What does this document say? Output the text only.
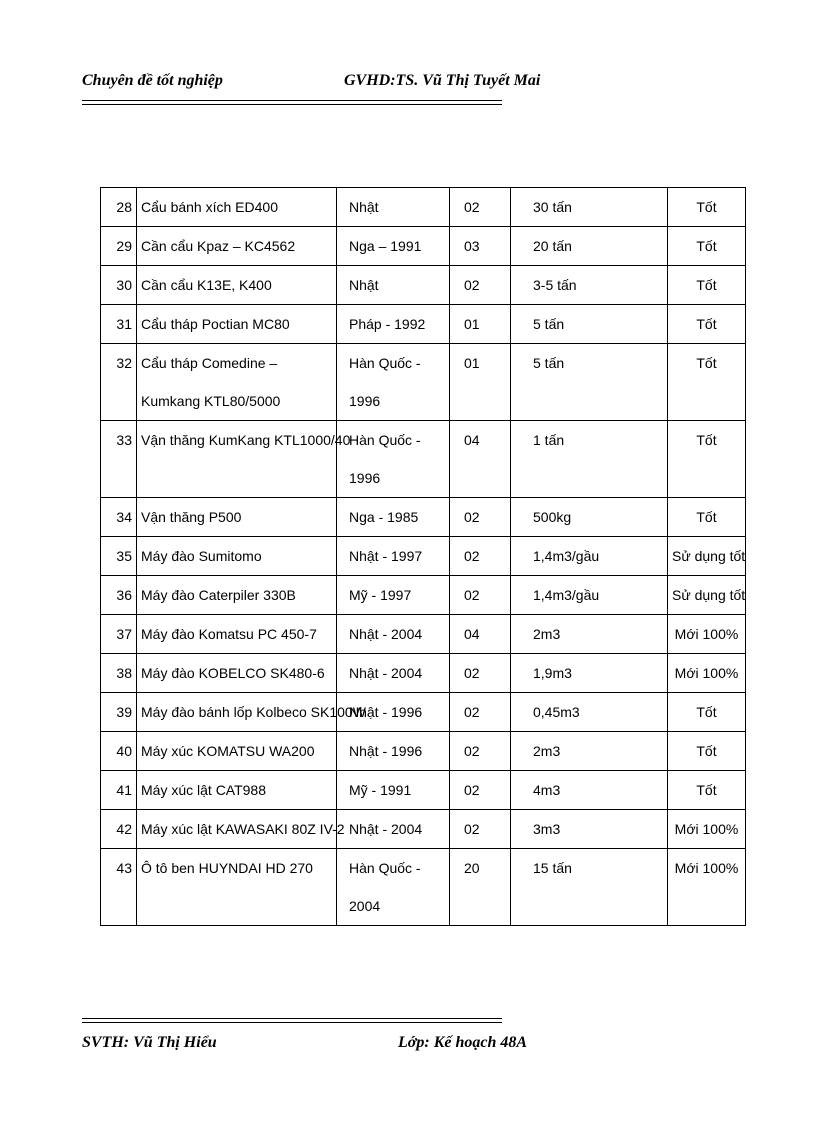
Chuyên đề tốt nghiệp	GVHD:TS. Vũ Thị Tuyết Mai
28	Cẩu bánh xích ED400	Nhật	02	30 tấn	Tốt
29	Cần cẩu Kpaz – KC4562	Nga – 1991	03	20 tấn	Tốt
30	Cần cẩu K13E, K400	Nhật	02	3-5 tấn	Tốt
31	Cẩu tháp Poctian MC80	Pháp - 1992	01	5 tấn	Tốt
32	Cẩu tháp Comedine – Kumkang KTL80/5000	Hàn Quốc - 1996	01	5 tấn	Tốt
33	Vận thăng KumKang KTL1000/40	Hàn Quốc - 1996	04	1 tấn	Tốt
34	Vận thăng P500	Nga - 1985	02	500kg	Tốt
35	Máy đào Sumitomo	Nhật - 1997	02	1,4m3/gầu	Sử dụng tốt
36	Máy đào Caterpiler 330B	Mỹ - 1997	02	1,4m3/gầu	Sử dụng tốt
37	Máy đào Komatsu PC 450-7	Nhật - 2004	04	2m3	Mới 100%
38	Máy đào KOBELCO SK480-6	Nhật - 2004	02	1,9m3	Mới 100%
39	Máy đào bánh lốp Kolbeco SK100W	Nhật - 1996	02	0,45m3	Tốt
40	Máy xúc KOMATSU WA200	Nhật - 1996	02	2m3	Tốt
41	Máy xúc lật CAT988	Mỹ - 1991	02	4m3	Tốt
42	Máy xúc lật KAWASAKI 80Z IV-2	Nhật - 2004	02	3m3	Mới 100%
43	Ô tô ben HUYNDAI HD 270	Hàn Quốc - 2004	20	15 tấn	Mới 100%
SVTH: Vũ Thị Hiểu	Lớp: Kế hoạch 48A
